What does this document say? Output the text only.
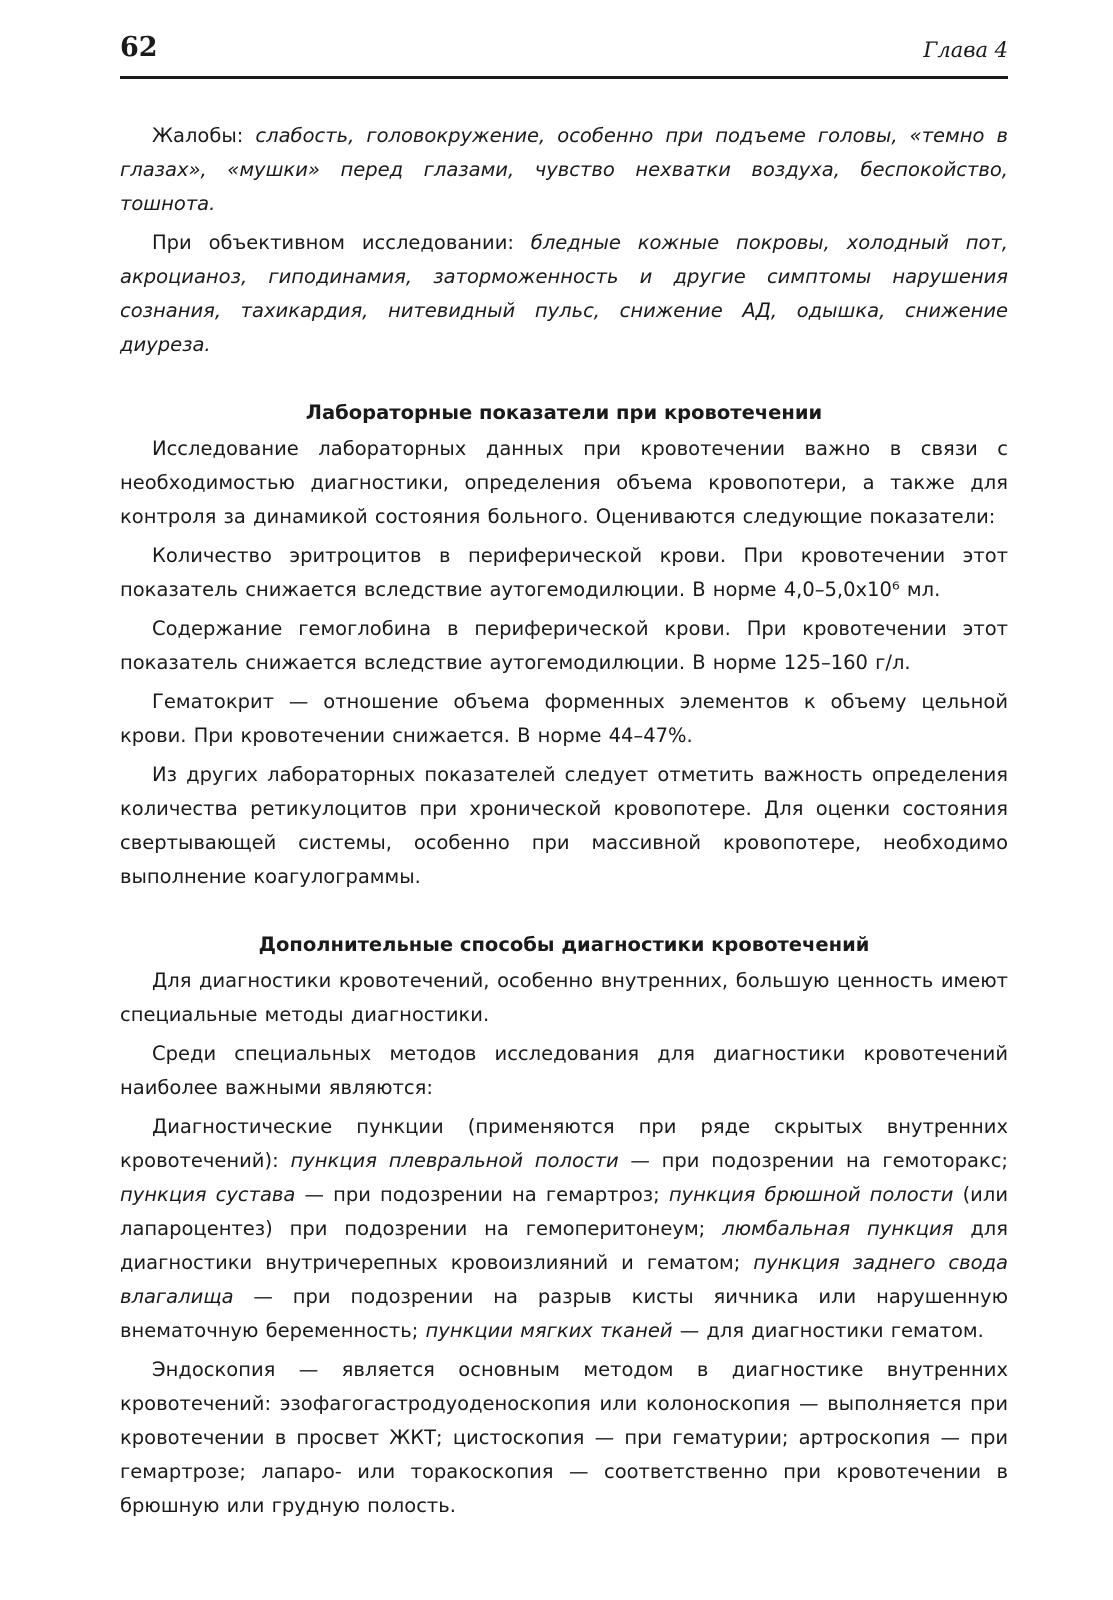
62	Глава 4

Жалобы: слабость, головокружение, особенно при подъеме головы, «темно в глазах», «мушки» перед глазами, чувство нехватки воздуха, беспокойство, тошнота.

При объективном исследовании: бледные кожные покровы, холодный пот, акроцианоз, гиподинамия, заторможенность и другие симптомы нарушения сознания, тахикардия, нитевидный пульс, снижение АД, одышка, снижение диуреза.

Лабораторные показатели при кровотечении

Исследование лабораторных данных при кровотечении важно в связи с необходимостью диагностики, определения объема кровопотери, а также для контроля за динамикой состояния больного. Оцениваются следующие показатели:

Количество эритроцитов в периферической крови. При кровотечении этот показатель снижается вследствие аутогемодилюции. В норме 4,0–5,0х10⁶ мл.

Содержание гемоглобина в периферической крови. При кровотечении этот показатель снижается вследствие аутогемодилюции. В норме 125–160 г/л.

Гематокрит — отношение объема форменных элементов к объему цельной крови. При кровотечении снижается. В норме 44–47%.

Из других лабораторных показателей следует отметить важность определения количества ретикулоцитов при хронической кровопотере. Для оценки состояния свертывающей системы, особенно при массивной кровопотере, необходимо выполнение коагулограммы.

Дополнительные способы диагностики кровотечений

Для диагностики кровотечений, особенно внутренних, большую ценность имеют специальные методы диагностики.

Среди специальных методов исследования для диагностики кровотечений наиболее важными являются:

Диагностические пункции (применяются при ряде скрытых внутренних кровотечений): пункция плевральной полости — при подозрении на гемоторакс; пункция сустава — при подозрении на гемартроз; пункция брюшной полости (или лапароцентез) при подозрении на гемоперитонеум; люмбальная пункция для диагностики внутричерепных кровоизлияний и гематом; пункция заднего свода влагалища — при подозрении на разрыв кисты яичника или нарушенную внематочную беременность; пункции мягких тканей — для диагностики гематом.

Эндоскопия — является основным методом в диагностике внутренних кровотечений: эзофагогастродуоденоскопия или колоноскопия — выполняется при кровотечении в просвет ЖКТ; цистоскопия — при гематурии; артроскопия — при гемартрозе; лапаро- или торакоскопия — соответственно при кровотечении в брюшную или грудную полость.
